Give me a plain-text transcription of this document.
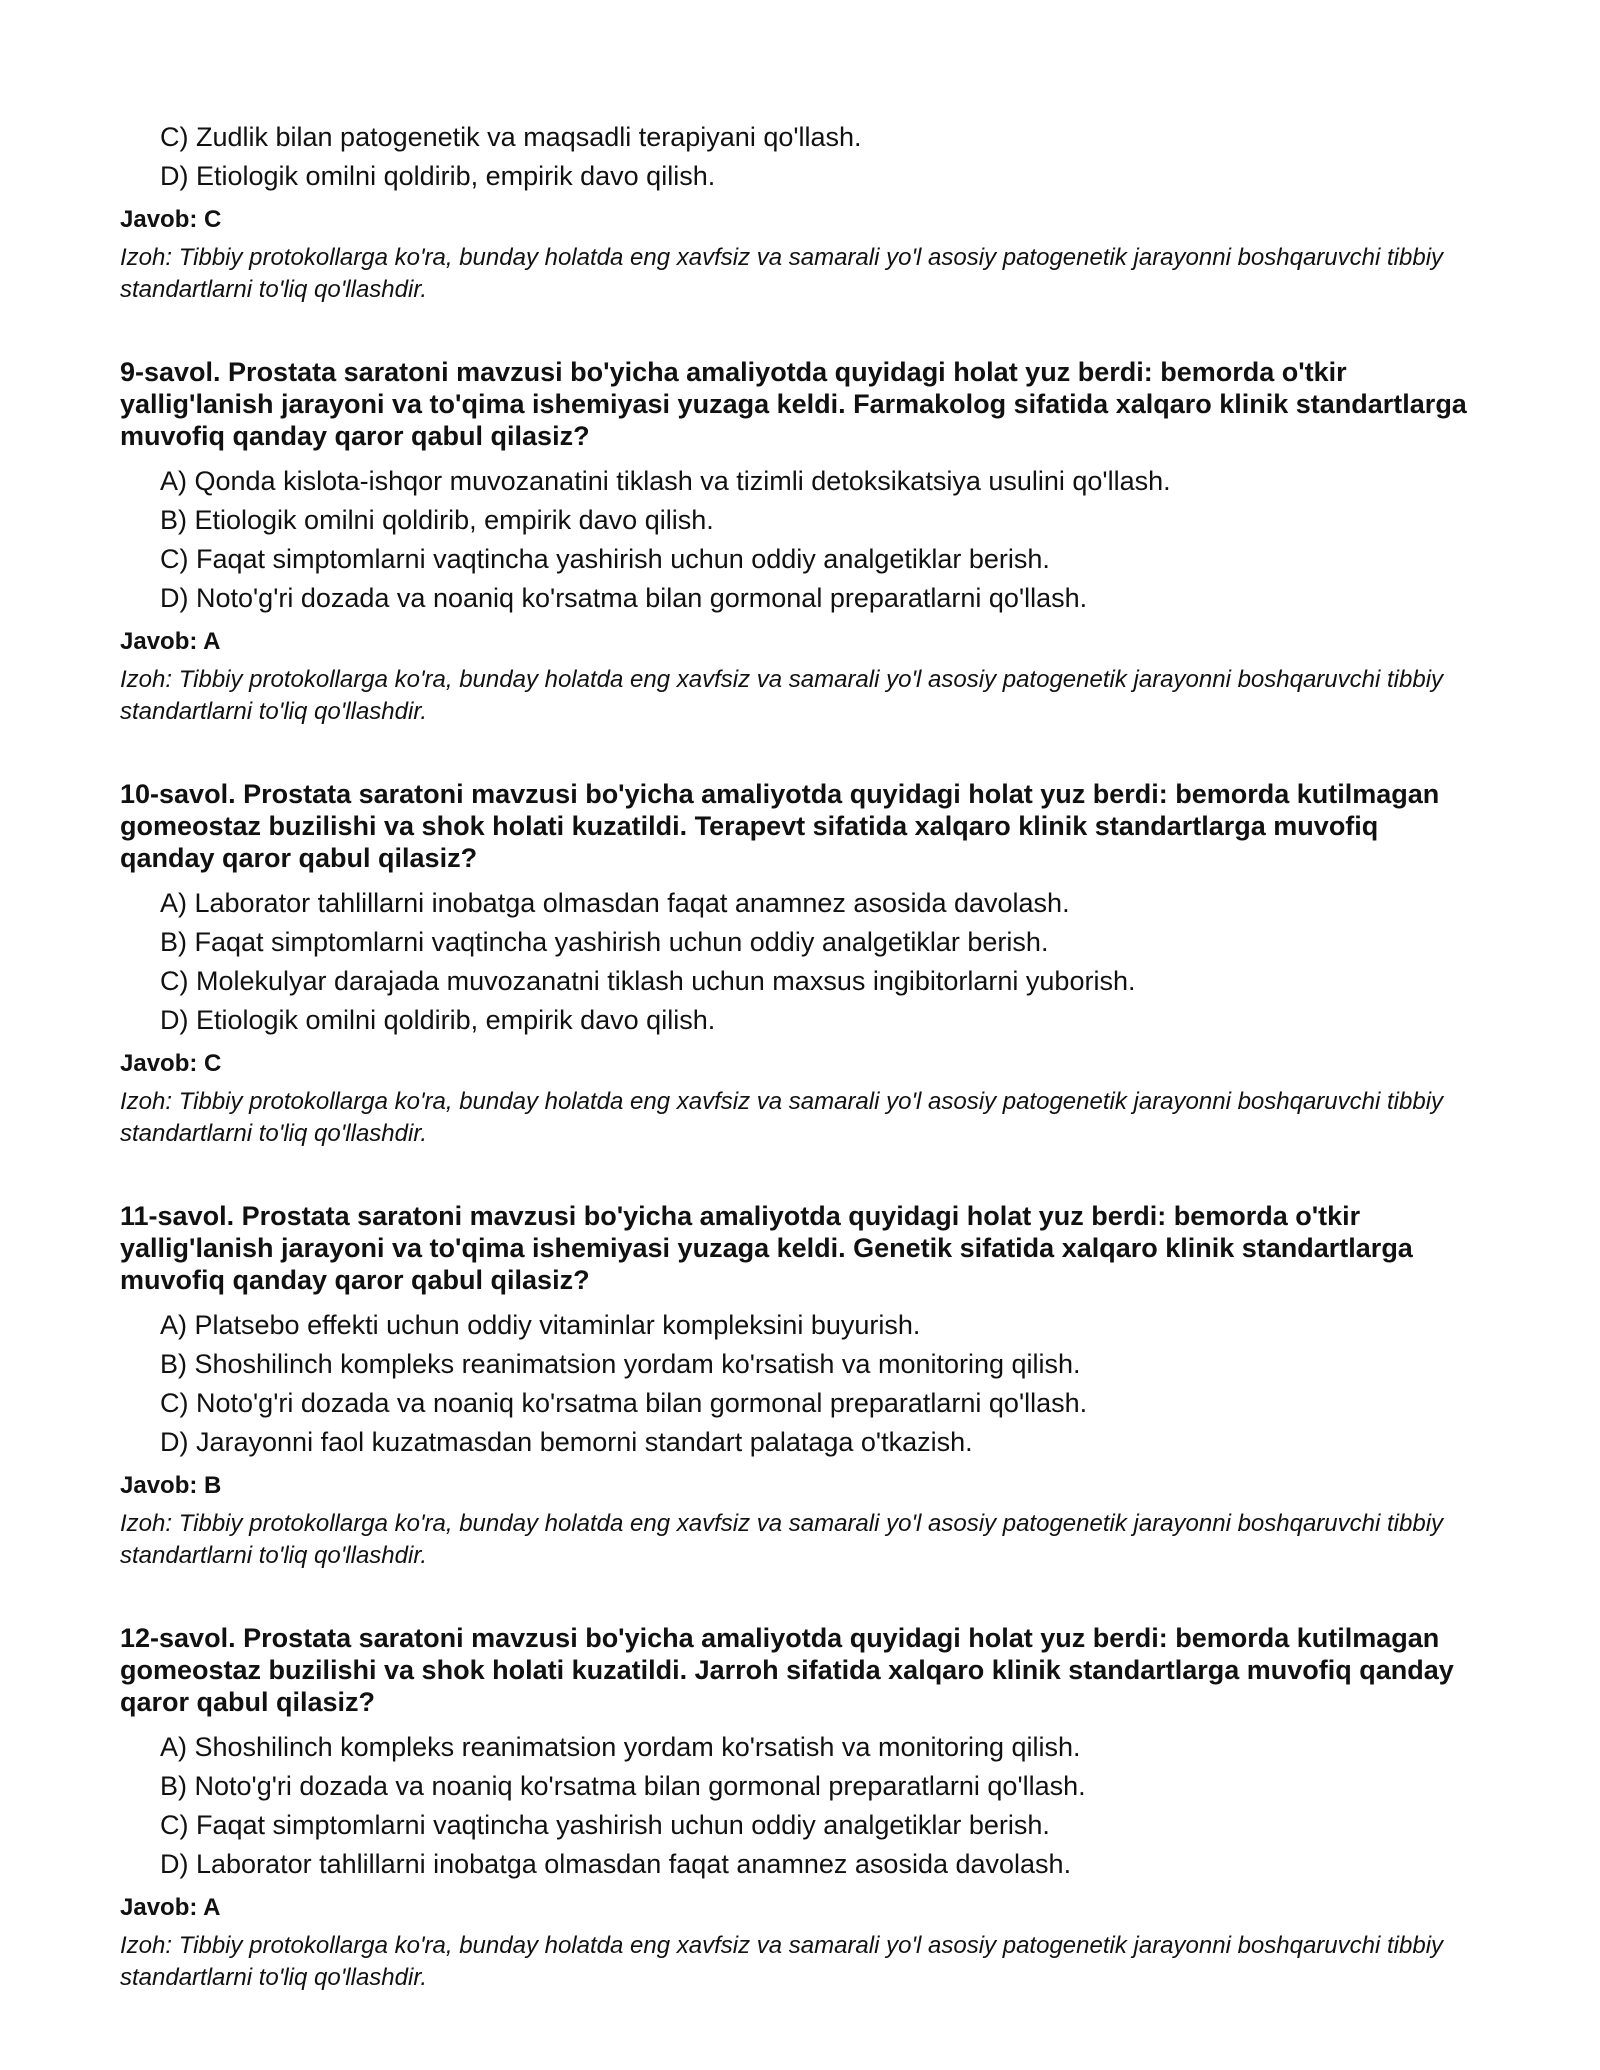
C) Zudlik bilan patogenetik va maqsadli terapiyani qo'llash.

D) Etiologik omilni qoldirib, empirik davo qilish.

Javob: C

Izoh: Tibbiy protokollarga ko'ra, bunday holatda eng xavfsiz va samarali yo'l asosiy patogenetik jarayonni boshqaruvchi tibbiy standartlarni to'liq qo'llashdir.

9-savol. Prostata saratoni mavzusi bo'yicha amaliyotda quyidagi holat yuz berdi: bemorda o'tkir yallig'lanish jarayoni va to'qima ishemiyasi yuzaga keldi. Farmakolog sifatida xalqaro klinik standartlarga muvofiq qanday qaror qabul qilasiz?

A) Qonda kislota-ishqor muvozanatini tiklash va tizimli detoksikatsiya usulini qo'llash.

B) Etiologik omilni qoldirib, empirik davo qilish.

C) Faqat simptomlarni vaqtincha yashirish uchun oddiy analgetiklar berish.

D) Noto'g'ri dozada va noaniq ko'rsatma bilan gormonal preparatlarni qo'llash.

Javob: A

Izoh: Tibbiy protokollarga ko'ra, bunday holatda eng xavfsiz va samarali yo'l asosiy patogenetik jarayonni boshqaruvchi tibbiy standartlarni to'liq qo'llashdir.

10-savol. Prostata saratoni mavzusi bo'yicha amaliyotda quyidagi holat yuz berdi: bemorda kutilmagan gomeostaz buzilishi va shok holati kuzatildi. Terapevt sifatida xalqaro klinik standartlarga muvofiq qanday qaror qabul qilasiz?

A) Laborator tahlillarni inobatga olmasdan faqat anamnez asosida davolash.

B) Faqat simptomlarni vaqtincha yashirish uchun oddiy analgetiklar berish.

C) Molekulyar darajada muvozanatni tiklash uchun maxsus ingibitorlarni yuborish.

D) Etiologik omilni qoldirib, empirik davo qilish.

Javob: C

Izoh: Tibbiy protokollarga ko'ra, bunday holatda eng xavfsiz va samarali yo'l asosiy patogenetik jarayonni boshqaruvchi tibbiy standartlarni to'liq qo'llashdir.

11-savol. Prostata saratoni mavzusi bo'yicha amaliyotda quyidagi holat yuz berdi: bemorda o'tkir yallig'lanish jarayoni va to'qima ishemiyasi yuzaga keldi. Genetik sifatida xalqaro klinik standartlarga muvofiq qanday qaror qabul qilasiz?

A) Platsebo effekti uchun oddiy vitaminlar kompleksini buyurish.

B) Shoshilinch kompleks reanimatsion yordam ko'rsatish va monitoring qilish.

C) Noto'g'ri dozada va noaniq ko'rsatma bilan gormonal preparatlarni qo'llash.

D) Jarayonni faol kuzatmasdan bemorni standart palataga o'tkazish.

Javob: B

Izoh: Tibbiy protokollarga ko'ra, bunday holatda eng xavfsiz va samarali yo'l asosiy patogenetik jarayonni boshqaruvchi tibbiy standartlarni to'liq qo'llashdir.

12-savol. Prostata saratoni mavzusi bo'yicha amaliyotda quyidagi holat yuz berdi: bemorda kutilmagan gomeostaz buzilishi va shok holati kuzatildi. Jarroh sifatida xalqaro klinik standartlarga muvofiq qanday qaror qabul qilasiz?

A) Shoshilinch kompleks reanimatsion yordam ko'rsatish va monitoring qilish.

B) Noto'g'ri dozada va noaniq ko'rsatma bilan gormonal preparatlarni qo'llash.

C) Faqat simptomlarni vaqtincha yashirish uchun oddiy analgetiklar berish.

D) Laborator tahlillarni inobatga olmasdan faqat anamnez asosida davolash.

Javob: A

Izoh: Tibbiy protokollarga ko'ra, bunday holatda eng xavfsiz va samarali yo'l asosiy patogenetik jarayonni boshqaruvchi tibbiy standartlarni to'liq qo'llashdir.
